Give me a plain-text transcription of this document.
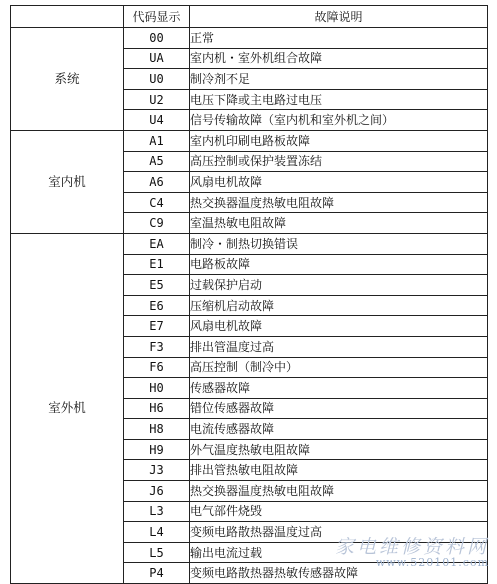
	代码显示	故障说明
系统	00	正常
	UA	室内机・室外机组合故障
	U0	制冷剂不足
	U2	电压下降或主电路过电压
	U4	信号传输故障（室内机和室外机之间）
室内机	A1	室内机印刷电路板故障
	A5	高压控制或保护装置冻结
	A6	风扇电机故障
	C4	热交换器温度热敏电阻故障
	C9	室温热敏电阻故障
室外机	EA	制冷・制热切换错误
	E1	电路板故障
	E5	过载保护启动
	E6	压缩机启动故障
	E7	风扇电机故障
	F3	排出管温度过高
	F6	高压控制（制冷中）
	H0	传感器故障
	H6	错位传感器故障
	H8	电流传感器故障
	H9	外气温度热敏电阻故障
	J3	排出管热敏电阻故障
	J6	热交换器温度热敏电阻故障
	L3	电气部件烧毁
	L4	变频电路散热器温度过高
	L5	输出电流过载
	P4	变频电路散热器热敏传感器故障
家电维修资料网
www.520101.com
